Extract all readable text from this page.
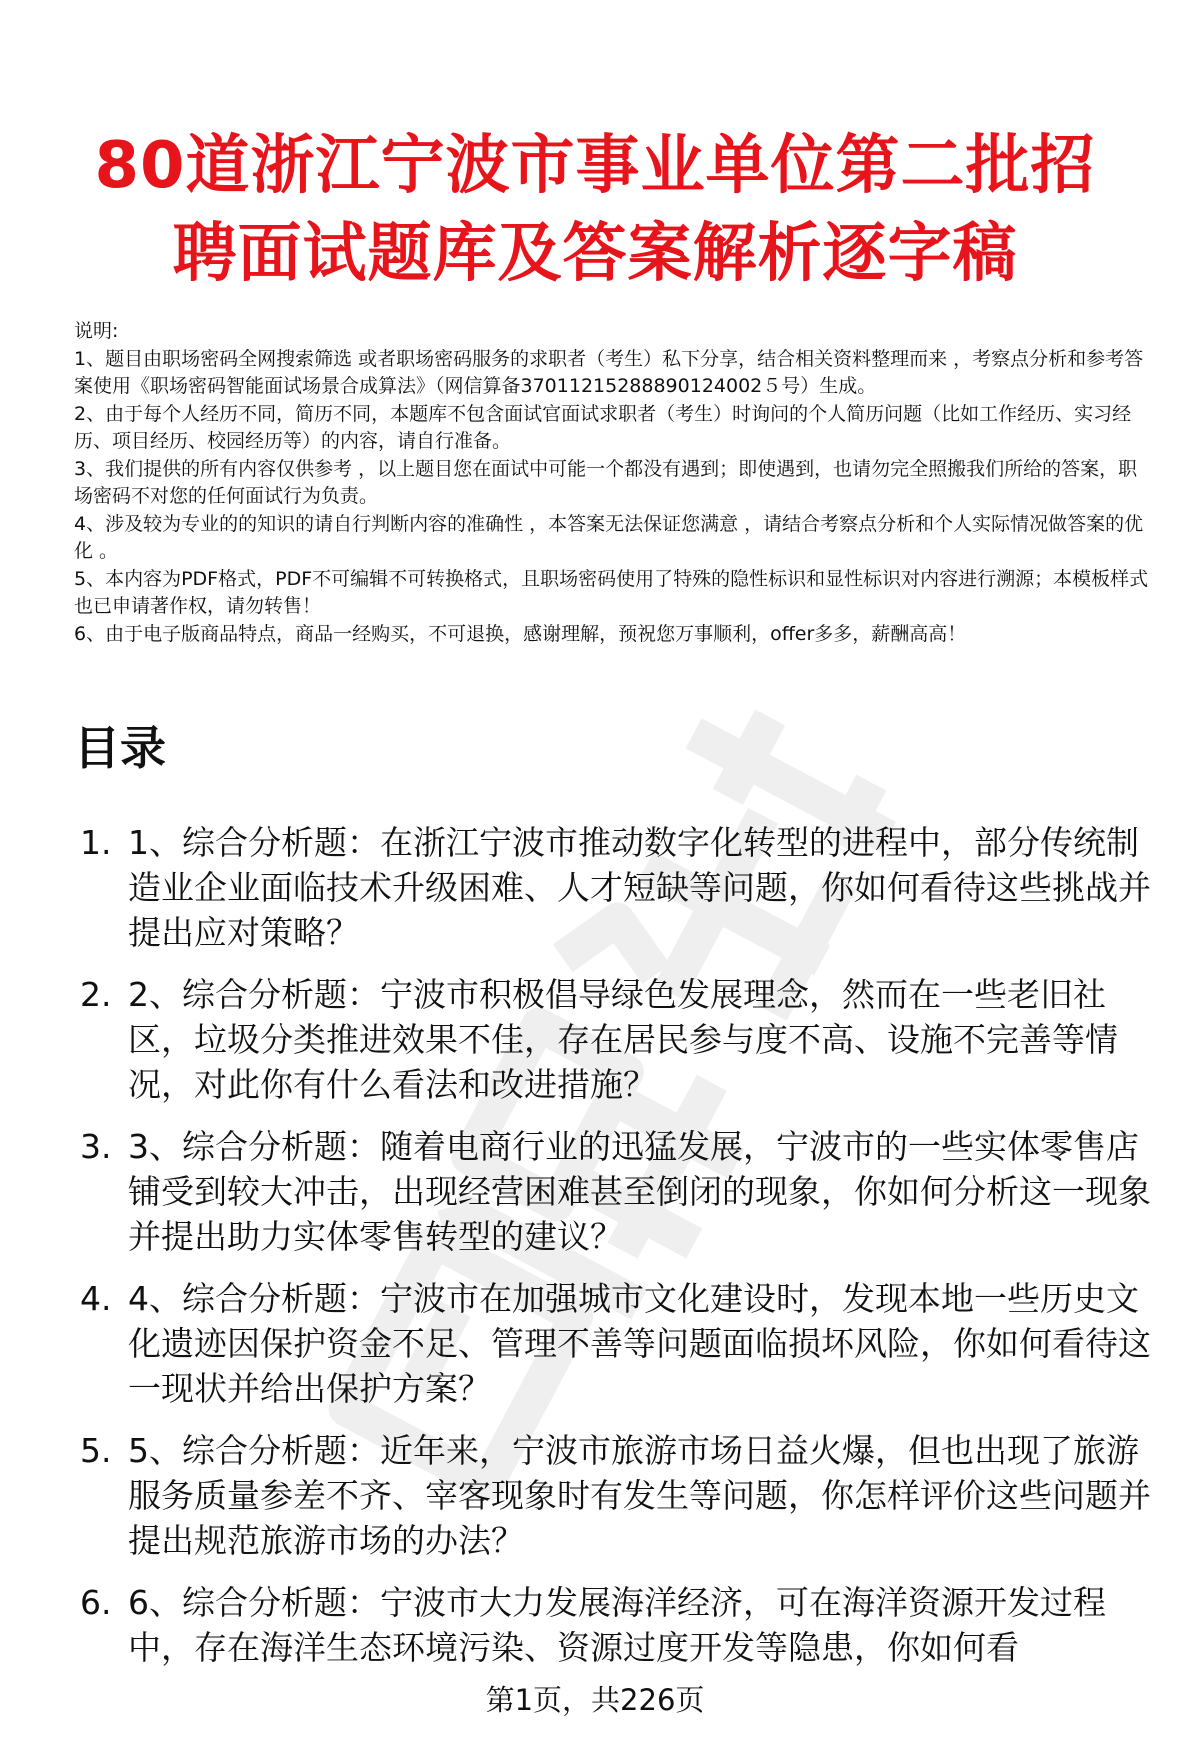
80道浙江宁波市事业单位第二批招
聘面试题库及答案解析逐字稿

说明:

1、题目由职场密码全网搜索筛选 或者职场密码服务的求职者（考生）私下分享，结合相关资料整理而来 ，考察点分析和参考答案使用《职场密码智能面试场景合成算法》（网信算备37011215288890124002５号）生成。

2、由于每个人经历不同，简历不同，本题库不包含面试官面试求职者（考生）时询问的个人简历问题（比如工作经历、实习经历、项目经历、校园经历等）的内容，请自行准备。

3、我们提供的所有内容仅供参考 ，以上题目您在面试中可能一个都没有遇到；即使遇到，也请勿完全照搬我们所给的答案，职场密码不对您的任何面试行为负责。

4、涉及较为专业的的知识的请自行判断内容的准确性 ，本答案无法保证您满意 ，请结合考察点分析和个人实际情况做答案的优化 。

5、本内容为PDF格式，PDF不可编辑不可转换格式，且职场密码使用了特殊的隐性标识和显性标识对内容进行溯源；本模板样式也已申请著作权，请勿转售！

6、由于电子版商品特点，商品一经购买，不可退换，感谢理解，预祝您万事顺利，offer多多，薪酬高高！

目录
1. 1、综合分析题：在浙江宁波市推动数字化转型的进程中，部分传统制造业企业面临技术升级困难、人才短缺等问题，你如何看待这些挑战并提出应对策略？
2. 2、综合分析题：宁波市积极倡导绿色发展理念，然而在一些老旧社区，垃圾分类推进效果不佳，存在居民参与度不高、设施不完善等情况，对此你有什么看法和改进措施？
3. 3、综合分析题：随着电商行业的迅猛发展，宁波市的一些实体零售店铺受到较大冲击，出现经营困难甚至倒闭的现象，你如何分析这一现象并提出助力实体零售转型的建议？
4. 4、综合分析题：宁波市在加强城市文化建设时，发现本地一些历史文化遗迹因保护资金不足、管理不善等问题面临损坏风险，你如何看待这一现状并给出保护方案？
5. 5、综合分析题：近年来，宁波市旅游市场日益火爆，但也出现了旅游服务质量参差不齐、宰客现象时有发生等问题，你怎样评价这些问题并提出规范旅游市场的办法？
6. 6、综合分析题：宁波市大力发展海洋经济，可在海洋资源开发过程中，存在海洋生态环境污染、资源过度开发等隐患，你如何看
第1页，共226页
